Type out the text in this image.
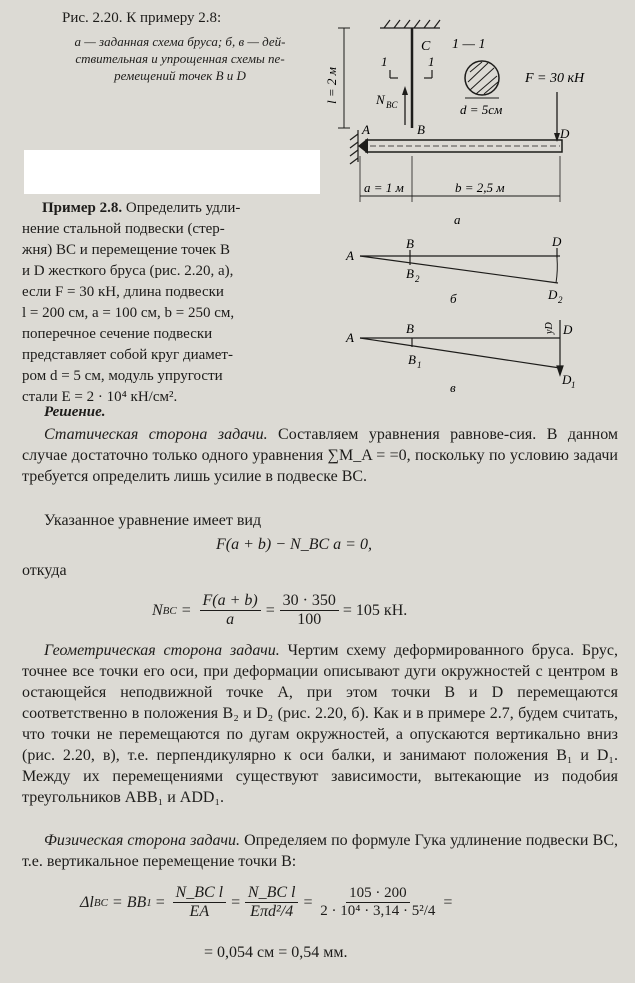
Рис. 2.20. К примеру 2.8:
а — заданная схема бруса; б, в — дей-
ствительная и упрощенная схемы пе-
ремещений точек B и D
C 1 — 1
1	1
l = 2 м	F = 30 кН
N BC	d = 5см
A	B	D
a = 1 м	b = 2,5 м
а
A
B	D
B 2
D 2
б
A
B	D
yD
B 1
D 1
в
Пример 2.8. Определить удли-
нение стальной подвески (стер-
жня) BC и перемещение точек B
и D жесткого бруса (рис. 2.20, а),
если F = 30 кН, длина подвески
l = 200 см, a = 100 см, b = 250 см,
поперечное сечение подвески
представляет собой круг диамет-
ром d = 5 см, модуль упругости
стали E = 2 · 10⁴ кН/см².
Решение.
Статическая сторона задачи. Составляем уравнения равнове-сия. В данном случае достаточно только одного уравнения ∑M_A = =0, поскольку по условию задачи требуется определить лишь усилие в подвеске BC.
Указанное уравнение имеет вид
F(a + b) − N_BC a = 0,
откуда
N BC = $\frac{F(a + b)}{a} = \frac{30 \cdot 350}{100} = 105$ кН.
Геометрическая сторона задачи. Чертим схему деформированного бруса. Брус, точнее все точки его оси, при деформации описывают дуги окружностей с центром в остающейся неподвижной точке A, при этом точки B и D перемещаются соответственно в положения B₂ и D₂ (рис. 2.20, б). Как и в примере 2.7, будем считать, что точки не перемещаются по дугам окружностей, а опускаются вертикально вниз (рис. 2.20, в), т.е. перпендикулярно к оси балки, и занимают положения B₁ и D₁. Между их перемещениями существуют зависимости, вытекающие из подобия треугольников ABB₁ и ADD₁.
Физическая сторона задачи. Определяем по формуле Гука удлинение подвески BC, т.е. вертикальное перемещение точки B:
Δl BC = BB $1 = \frac{\text{N\_BC l}}{EA} = \frac{\text{N\_BC l}}{\text{Eπd²/4}} = \frac{105 \cdot 200}{\text{2 · 10⁴ · 3,14 · 5²/4}}$ =
= 0,054 см = 0,54 мм.
